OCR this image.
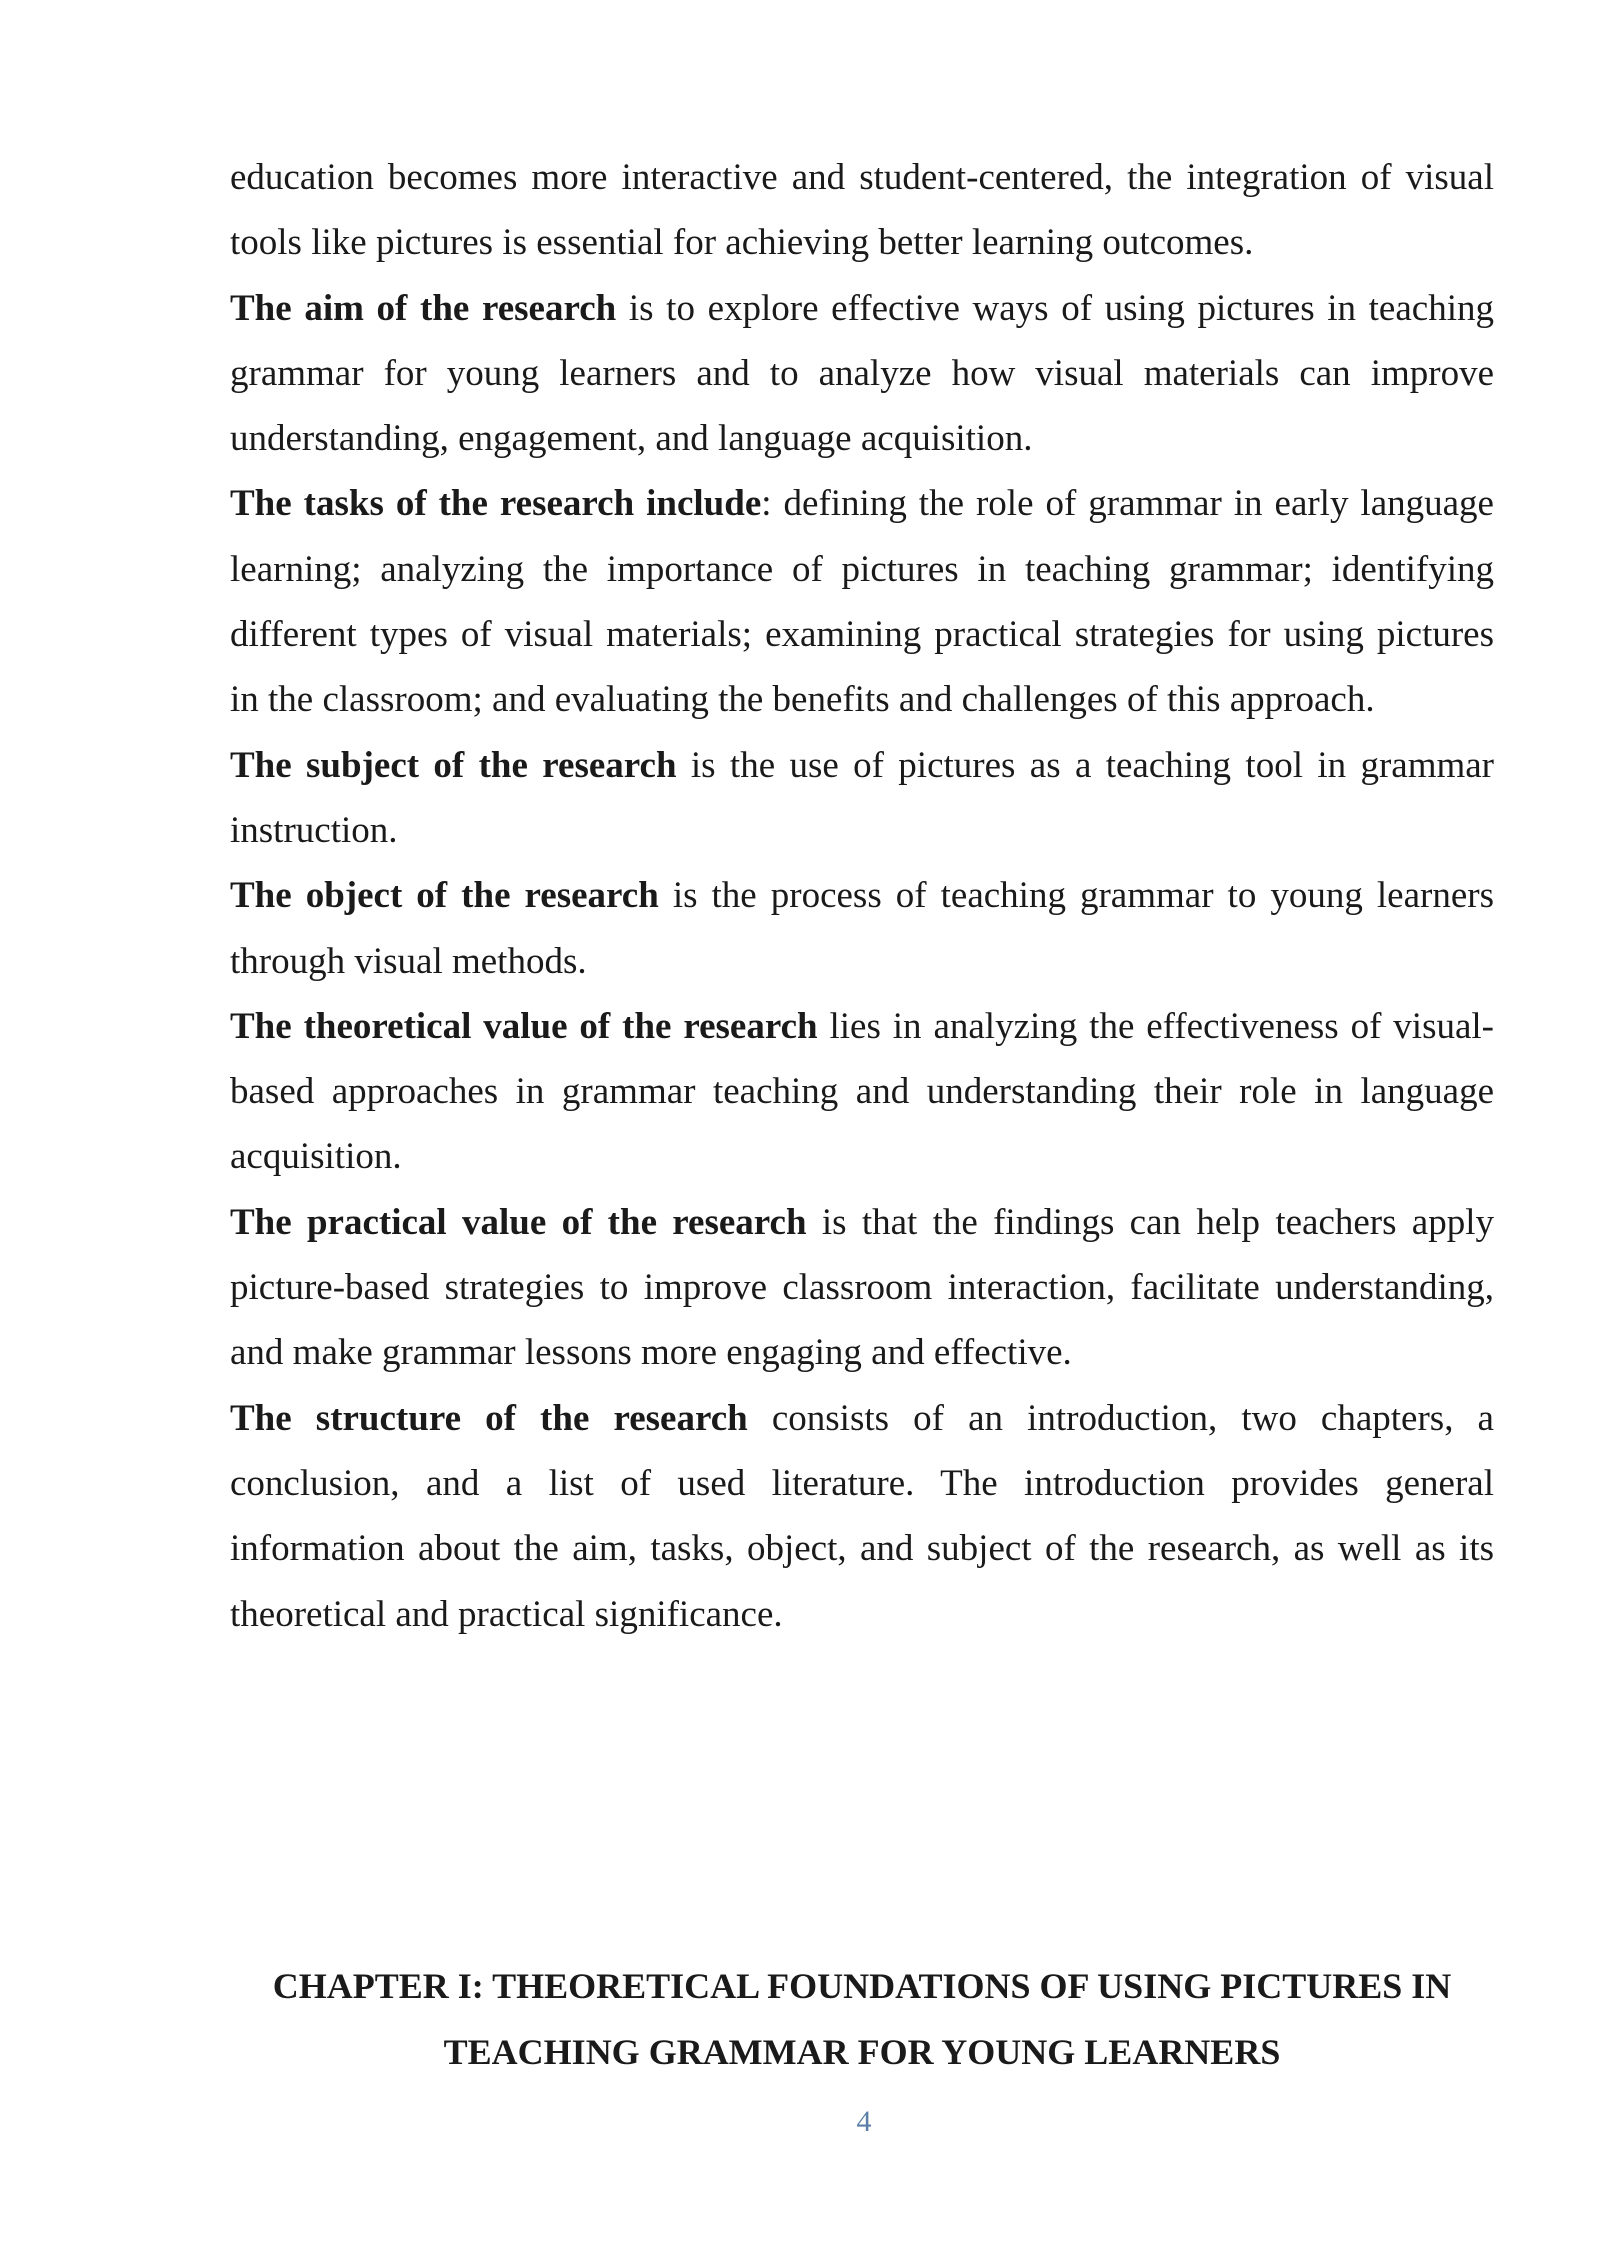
education becomes more interactive and student-centered, the integration of visual tools like pictures is essential for achieving better learning outcomes.

The aim of the research is to explore effective ways of using pictures in teaching grammar for young learners and to analyze how visual materials can improve understanding, engagement, and language acquisition.

The tasks of the research include: defining the role of grammar in early language learning; analyzing the importance of pictures in teaching grammar; identifying different types of visual materials; examining practical strategies for using pictures in the classroom; and evaluating the benefits and challenges of this approach.

The subject of the research is the use of pictures as a teaching tool in grammar instruction.

The object of the research is the process of teaching grammar to young learners through visual methods.

The theoretical value of the research lies in analyzing the effectiveness of visual-based approaches in grammar teaching and understanding their role in language acquisition.

The practical value of the research is that the findings can help teachers apply picture-based strategies to improve classroom interaction, facilitate understanding, and make grammar lessons more engaging and effective.

The structure of the research consists of an introduction, two chapters, a conclusion, and a list of used literature. The introduction provides general information about the aim, tasks, object, and subject of the research, as well as its theoretical and practical significance.

CHAPTER I: THEORETICAL FOUNDATIONS OF USING PICTURES IN
TEACHING GRAMMAR FOR YOUNG LEARNERS
4
